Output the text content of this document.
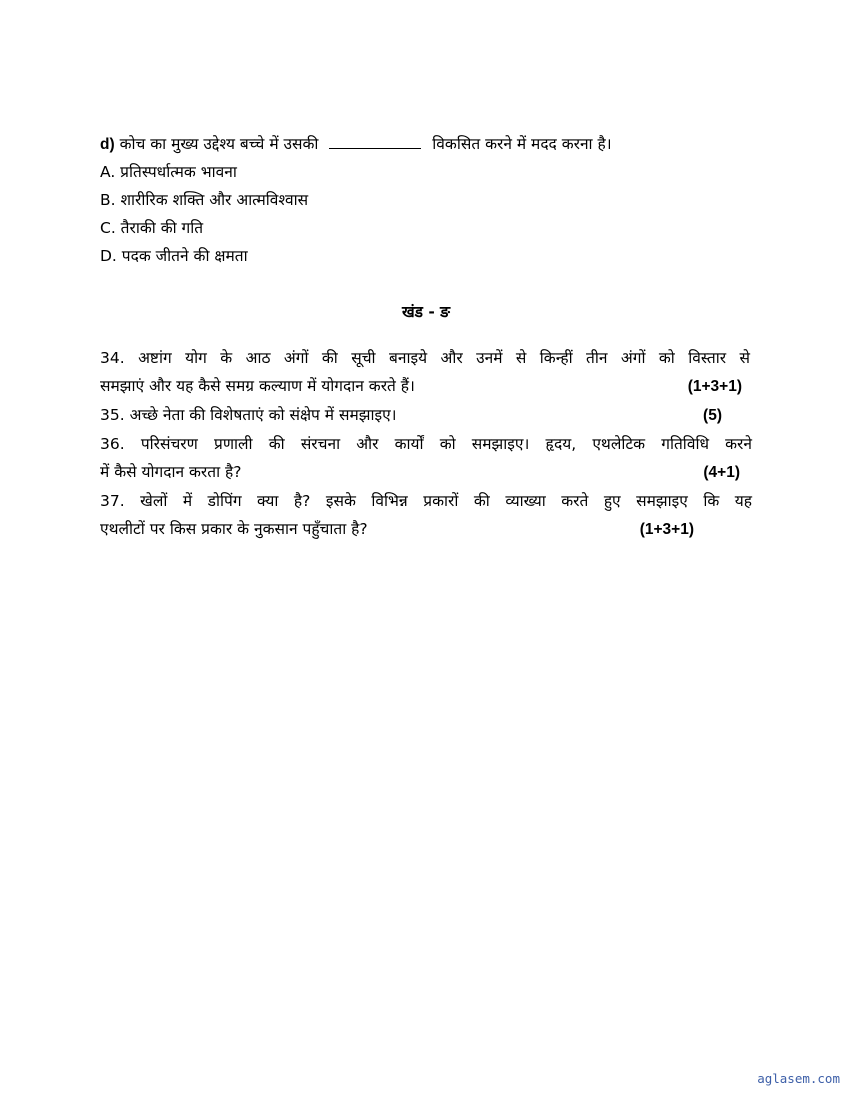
d) कोच का मुख्य उद्देश्य बच्चे में उसकी	विकसित करने में मदद करना है।
A. प्रतिस्पर्धात्मक भावना
B. शारीरिक शक्ति और आत्मविश्वास
C. तैराकी की गति
D. पदक जीतने की क्षमता
खंड - ङ
34. अष्टांग योग के आठ अंगों की सूची बनाइये और उनमें से किन्हीं तीन अंगों को विस्तार से
समझाएं और यह कैसे समग्र कल्याण में योगदान करते हैं।	(1+3+1)
35. अच्छे नेता की विशेषताएं को संक्षेप में समझाइए।	(5)
36. परिसंचरण प्रणाली की संरचना और कार्यों को समझाइए। हृदय, एथलेटिक गतिविधि करने
में कैसे योगदान करता है?	(4+1)
37. खेलों में डोपिंग क्या है? इसके विभिन्न प्रकारों की व्याख्या करते हुए समझाइए कि यह
एथलीटों पर किस प्रकार के नुकसान पहुँचाता है?	(1+3+1)
aglasem.com
